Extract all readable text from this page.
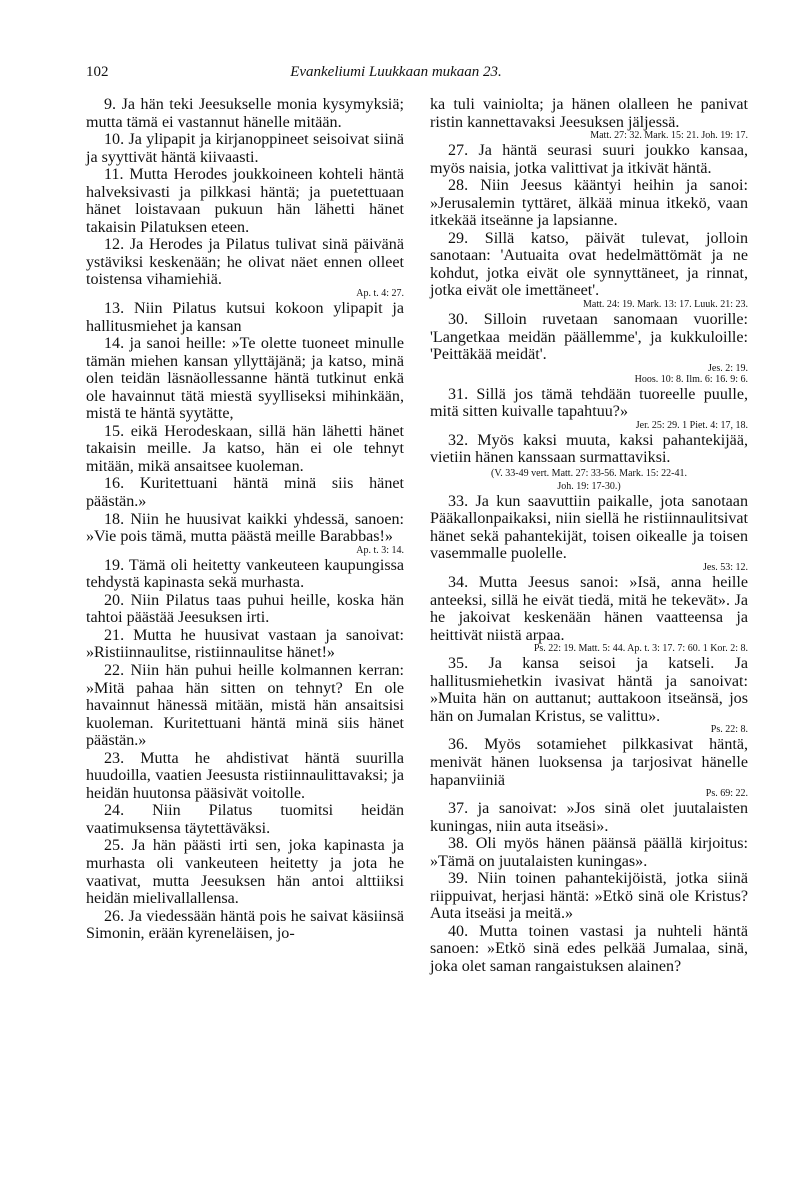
102	Evankeliumi Luukkaan mukaan 23.
9. Ja hän teki Jeesukselle monia kysymyksiä; mutta tämä ei vastannut hänelle mitään.
10. Ja ylipapit ja kirjanoppineet seisoivat siinä ja syyttivät häntä kiivaasti.
11. Mutta Herodes joukkoineen kohteli häntä halveksivasti ja pilkkasi häntä; ja puetettuaan hänet loistavaan pukuun hän lähetti hänet takaisin Pilatuksen eteen.
12. Ja Herodes ja Pilatus tulivat sinä päivänä ystäviksi keskenään; he olivat näet ennen olleet toistensa vihamiehiä.
Ap. t. 4: 27.
13. Niin Pilatus kutsui kokoon ylipapit ja hallitusmiehet ja kansan
14. ja sanoi heille: »Te olette tuoneet minulle tämän miehen kansan yllyttäjänä; ja katso, minä olen teidän läsnäollessanne häntä tutkinut enkä ole havainnut tätä miestä syylliseksi mihinkään, mistä te häntä syytätte,
15. eikä Herodeskaan, sillä hän lähetti hänet takaisin meille. Ja katso, hän ei ole tehnyt mitään, mikä ansaitsee kuoleman.
16. Kuritettuani häntä minä siis hänet päästän.»
18. Niin he huusivat kaikki yhdessä, sanoen: »Vie pois tämä, mutta päästä meille Barabbas!»
Ap. t. 3: 14.
19. Tämä oli heitetty vankeuteen kaupungissa tehdystä kapinasta sekä murhasta.
20. Niin Pilatus taas puhui heille, koska hän tahtoi päästää Jeesuksen irti.
21. Mutta he huusivat vastaan ja sanoivat: »Ristiinnaulitse, ristiinnaulitse hänet!»
22. Niin hän puhui heille kolmannen kerran: »Mitä pahaa hän sitten on tehnyt? En ole havainnut hänessä mitään, mistä hän ansaitsisi kuoleman. Kuritettuani häntä minä siis hänet päästän.»
23. Mutta he ahdistivat häntä suurilla huudoilla, vaatien Jeesusta ristiinnaulittavaksi; ja heidän huutonsa pääsivät voitolle.
24. Niin Pilatus tuomitsi heidän vaatimuksensa täytettäväksi.
25. Ja hän päästi irti sen, joka kapinasta ja murhasta oli vankeuteen heitetty ja jota he vaativat, mutta Jeesuksen hän antoi alttiiksi heidän mielivallallensa.
26. Ja viedessään häntä pois he saivat käsiinsä Simonin, erään kyreneläisen, jo-
ka tuli vainiolta; ja hänen olalleen he panivat ristin kannettavaksi Jeesuksen jäljessä.
Matt. 27: 32. Mark. 15: 21. Joh. 19: 17.
27. Ja häntä seurasi suuri joukko kansaa, myös naisia, jotka valittivat ja itkivät häntä.
28. Niin Jeesus kääntyi heihin ja sanoi: »Jerusalemin tyttäret, älkää minua itkekö, vaan itkekää itseänne ja lapsianne.
29. Sillä katso, päivät tulevat, jolloin sanotaan: 'Autuaita ovat hedelmättömät ja ne kohdut, jotka eivät ole synnyttäneet, ja rinnat, jotka eivät ole imettäneet'.
Matt. 24: 19. Mark. 13: 17. Luuk. 21: 23.
30. Silloin ruvetaan sanomaan vuorille: 'Langetkaa meidän päällemme', ja kukkuloille: 'Peittäkää meidät'.
Jes. 2: 19.
Hoos. 10: 8. Ilm. 6: 16. 9: 6.
31. Sillä jos tämä tehdään tuoreelle puulle, mitä sitten kuivalle tapahtuu?»
Jer. 25: 29. 1 Piet. 4: 17, 18.
32. Myös kaksi muuta, kaksi pahantekijää, vietiin hänen kanssaan surmattaviksi.
(V. 33-49 vert. Matt. 27: 33-56. Mark. 15: 22-41.
Joh. 19: 17-30.)
33. Ja kun saavuttiin paikalle, jota sanotaan Pääkallonpaikaksi, niin siellä he ristiinnaulitsivat hänet sekä pahantekijät, toisen oikealle ja toisen vasemmalle puolelle.
Jes. 53: 12.
34. Mutta Jeesus sanoi: »Isä, anna heille anteeksi, sillä he eivät tiedä, mitä he tekevät». Ja he jakoivat keskenään hänen vaatteensa ja heittivät niistä arpaa.
Ps. 22: 19. Matt. 5: 44. Ap. t. 3: 17. 7: 60. 1 Kor. 2: 8.
35. Ja kansa seisoi ja katseli. Ja hallitusmiehetkin ivasivat häntä ja sanoivat: »Muita hän on auttanut; auttakoon itseänsä, jos hän on Jumalan Kristus, se valittu».
Ps. 22: 8.
36. Myös sotamiehet pilkkasivat häntä, menivät hänen luoksensa ja tarjosivat hänelle hapanviiniä
Ps. 69: 22.
37. ja sanoivat: »Jos sinä olet juutalaisten kuningas, niin auta itseäsi».
38. Oli myös hänen päänsä päällä kirjoitus: »Tämä on juutalaisten kuningas».
39. Niin toinen pahantekijöistä, jotka siinä riippuivat, herjasi häntä: »Etkö sinä ole Kristus? Auta itseäsi ja meitä.»
40. Mutta toinen vastasi ja nuhteli häntä sanoen: »Etkö sinä edes pelkää Jumalaa, sinä, joka olet saman rangaistuksen alainen?
